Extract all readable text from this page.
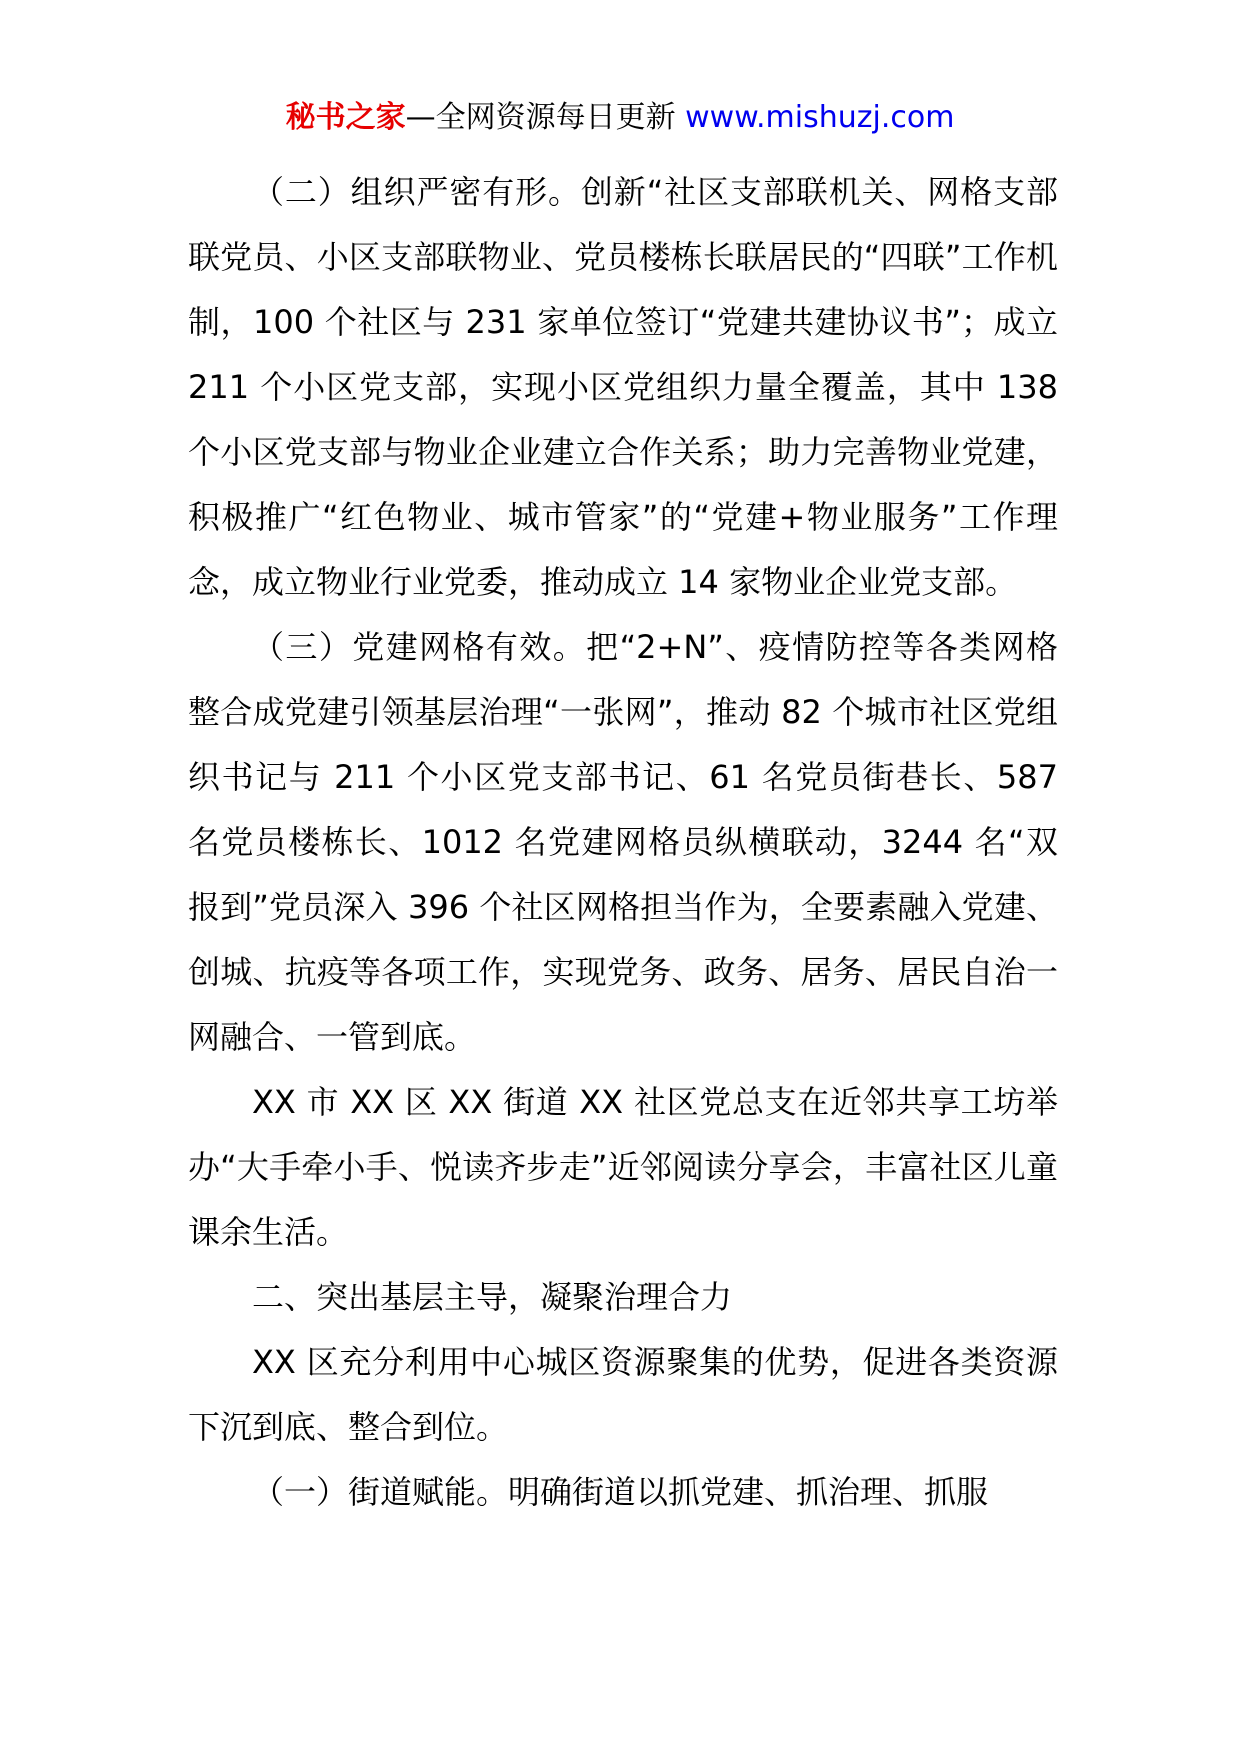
秘书之家—全网资源每日更新 www.mishuzj.com

（二）组织严密有形。创新“社区支部联机关、网格支部联党员、小区支部联物业、党员楼栋长联居民的“四联”工作机制，100 个社区与 231 家单位签订“党建共建协议书”；成立 211 个小区党支部，实现小区党组织力量全覆盖，其中 138 个小区党支部与物业企业建立合作关系；助力完善物业党建，积极推广“红色物业、城市管家”的“党建+物业服务”工作理念，成立物业行业党委，推动成立 14 家物业企业党支部。

（三）党建网格有效。把“2+N”、疫情防控等各类网格整合成党建引领基层治理“一张网”，推动 82 个城市社区党组织书记与 211 个小区党支部书记、61 名党员街巷长、587 名党员楼栋长、1012 名党建网格员纵横联动，3244 名“双报到”党员深入 396 个社区网格担当作为，全要素融入党建、创城、抗疫等各项工作，实现党务、政务、居务、居民自治一网融合、一管到底。

XX 市 XX 区 XX 街道 XX 社区党总支在近邻共享工坊举办“大手牵小手、悦读齐步走”近邻阅读分享会，丰富社区儿童课余生活。

二、突出基层主导，凝聚治理合力

XX 区充分利用中心城区资源聚集的优势，促进各类资源下沉到底、整合到位。

（一）街道赋能。明确街道以抓党建、抓治理、抓服
